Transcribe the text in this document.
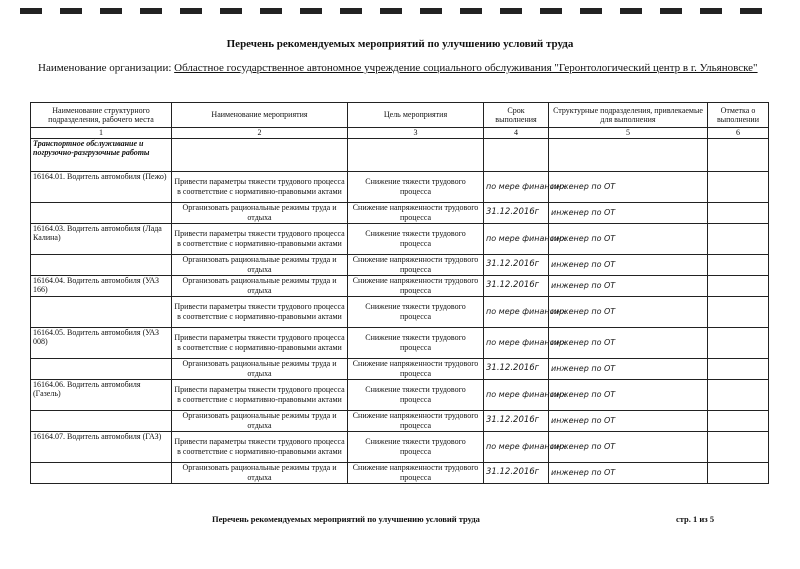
Перечень рекомендуемых мероприятий по улучшению условий труда
Наименование организации: Областное государственное автономное учреждение социального обслуживания "Геронтологический центр в г. Ульяновске"
Наименование структурного подразделения, рабочего места	Наименование мероприятия	Цель мероприятия	Срок выполнения	Структурные подразделения, привлекаемые для выполнения	Отметка о выполнении
1	2	3	4	5	6
Транспортное обслуживание и погрузочно-разгрузочные работы					
16164.01. Водитель автомобиля (Пежо)	Привести параметры тяжести трудового процесса в соответствие с нормативно-правовыми актами	Снижение тяжести трудового процесса	по мере финансир.	инженер по ОТ	
	Организовать рациональные режимы труда и отдыха	Снижение напряженности трудового процесса	31.12.2016г	инженер по ОТ	
16164.03. Водитель автомобиля (Лада Калина)	Привести параметры тяжести трудового процесса в соответствие с нормативно-правовыми актами	Снижение тяжести трудового процесса	по мере финансир.	инженер по ОТ	
	Организовать рациональные режимы труда и отдыха	Снижение напряженности трудового процесса	31.12.2016г	инженер по ОТ	
16164.04. Водитель автомобиля (УАЗ 166)	Организовать рациональные режимы труда и отдыха	Снижение напряженности трудового процесса	31.12.2016г	инженер по ОТ	
	Привести параметры тяжести трудового процесса в соответствие с нормативно-правовыми актами	Снижение тяжести трудового процесса	по мере финансир.	инженер по ОТ	
16164.05. Водитель автомобиля (УАЗ 008)	Привести параметры тяжести трудового процесса в соответствие с нормативно-правовыми актами	Снижение тяжести трудового процесса	по мере финансир.	инженер по ОТ	
	Организовать рациональные режимы труда и отдыха	Снижение напряженности трудового процесса	31.12.2016г	инженер по ОТ	
16164.06. Водитель автомобиля (Газель)	Привести параметры тяжести трудового процесса в соответствие с нормативно-правовыми актами	Снижение тяжести трудового процесса	по мере финансир.	инженер по ОТ	
	Организовать рациональные режимы труда и отдыха	Снижение напряженности трудового процесса	31.12.2016г	инженер по ОТ	
16164.07. Водитель автомобиля (ГАЗ)	Привести параметры тяжести трудового процесса в соответствие с нормативно-правовыми актами	Снижение тяжести трудового процесса	по мере финансир.	инженер по ОТ	
	Организовать рациональные режимы труда и отдыха	Снижение напряженности трудового процесса	31.12.2016г	инженер по ОТ	
Перечень рекомендуемых мероприятий по улучшению условий труда	стр. 1 из 5
